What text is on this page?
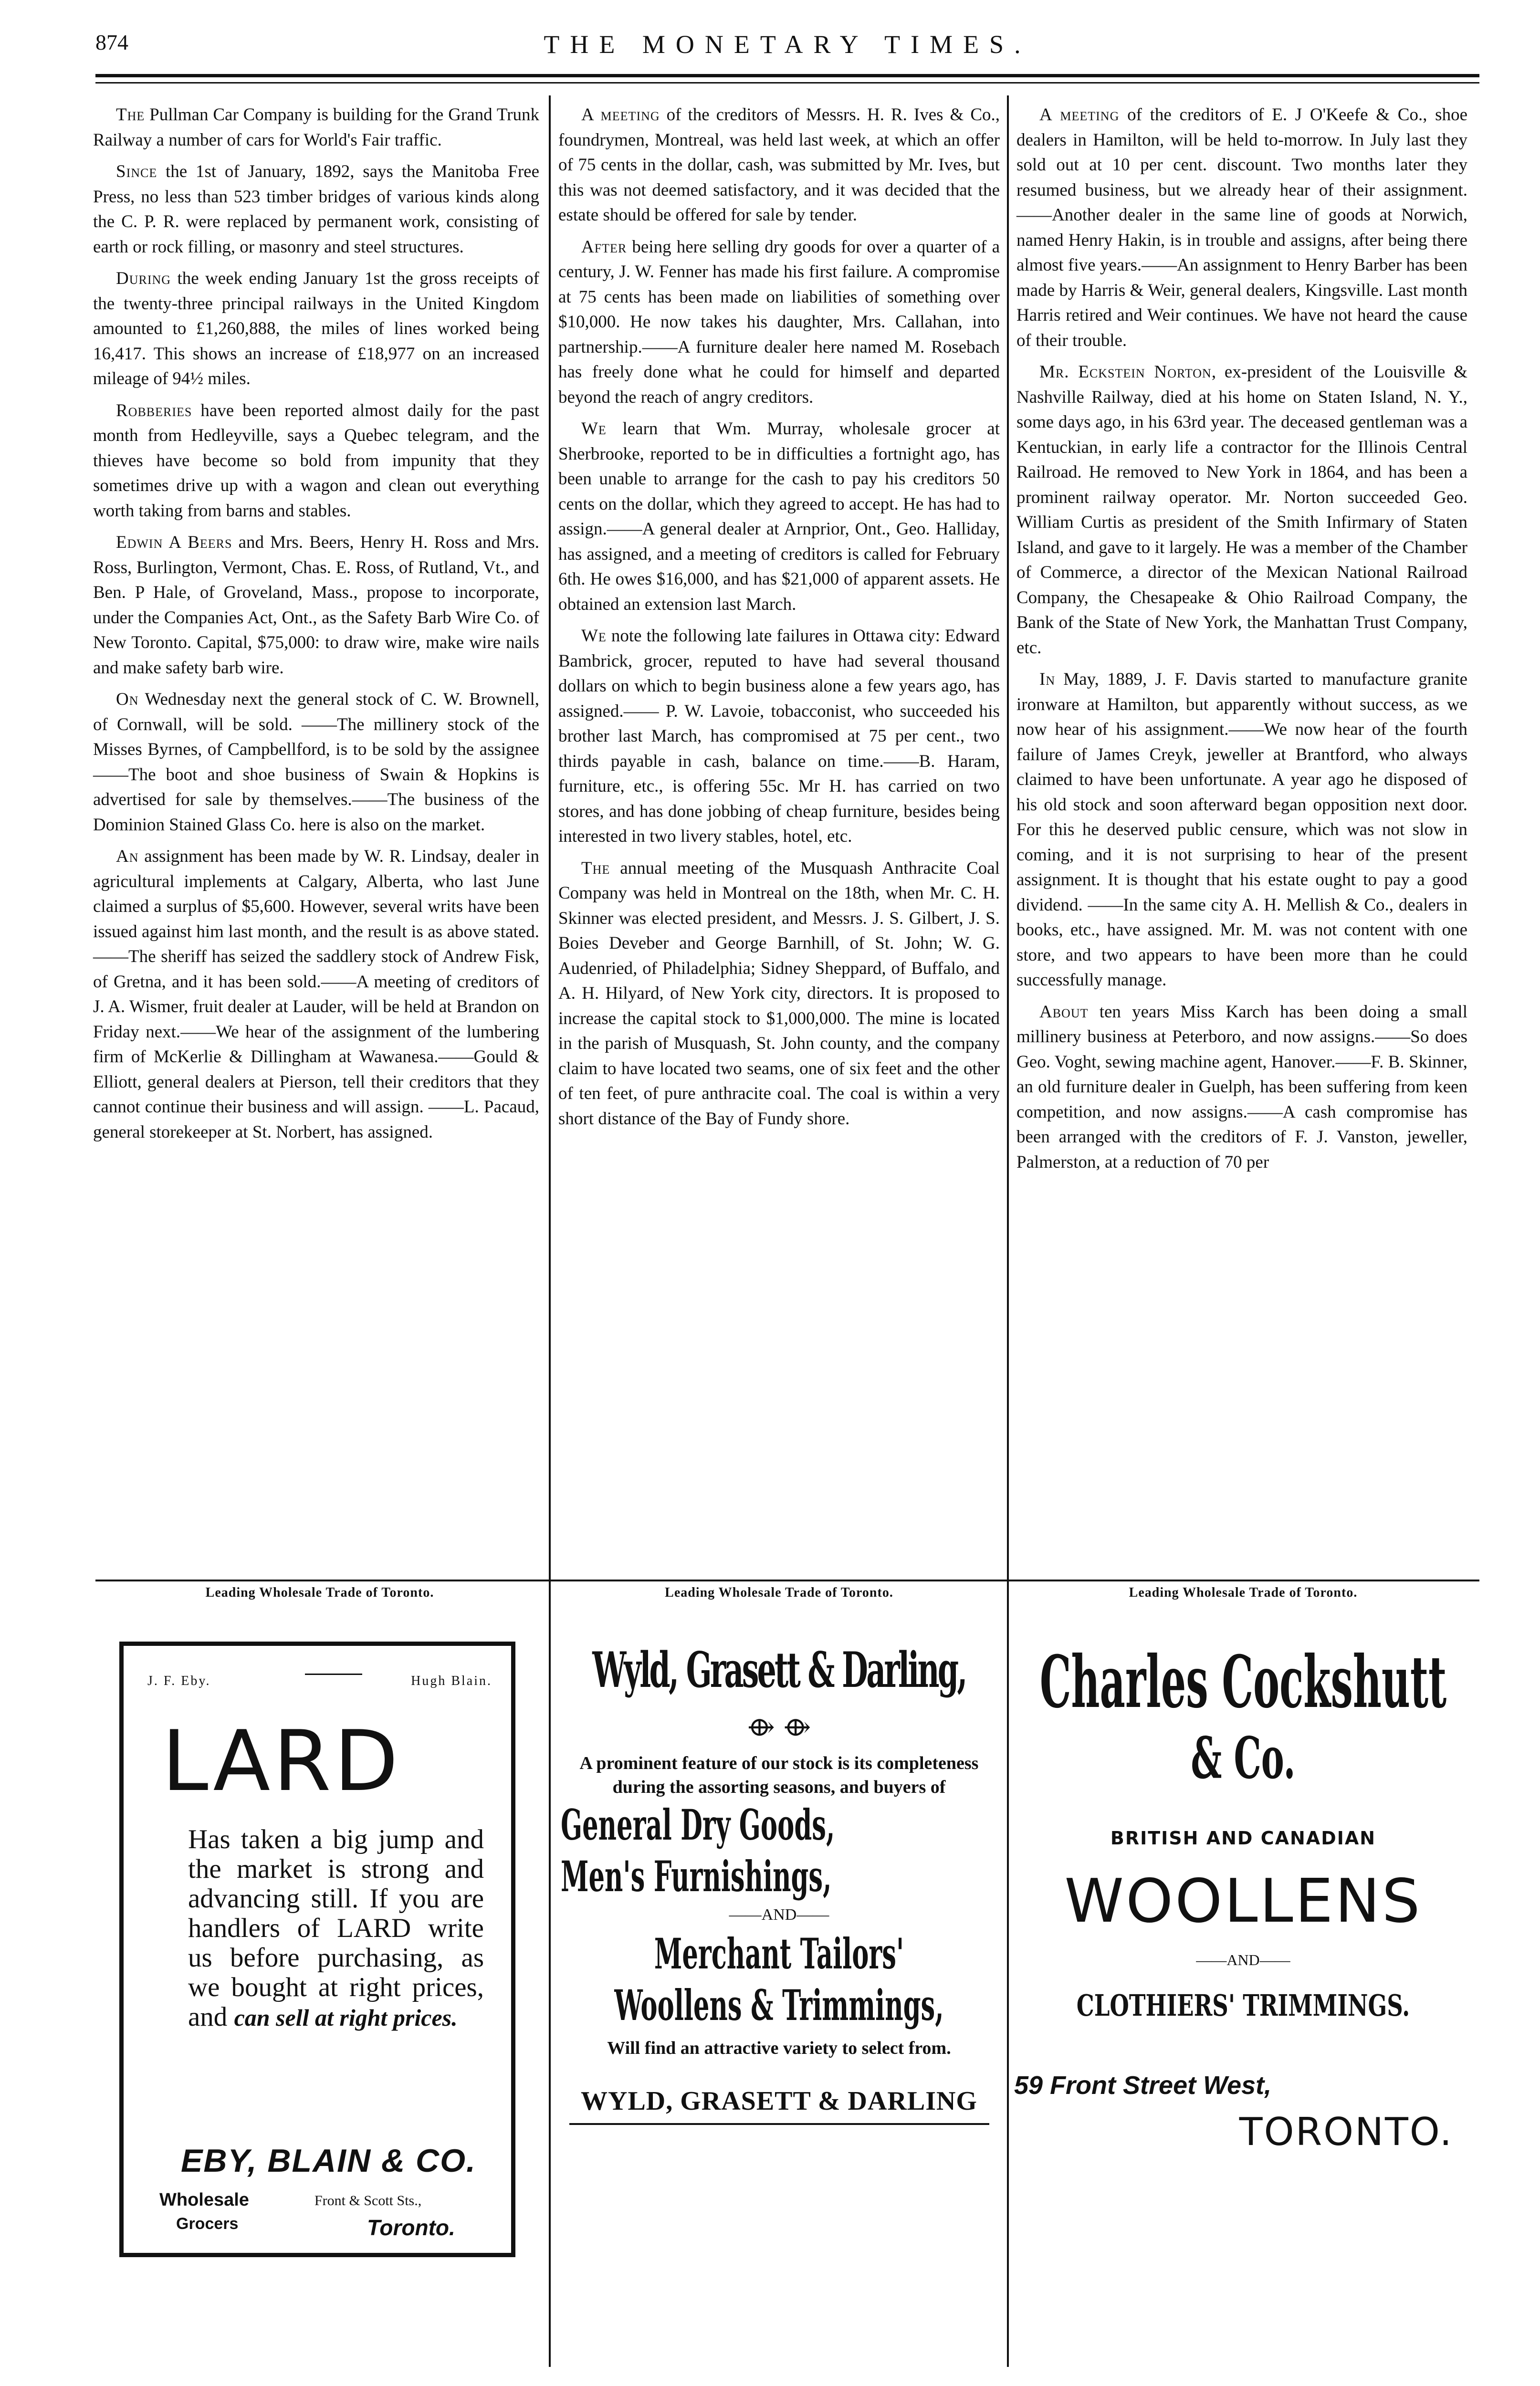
874	THE MONETARY TIMES.

The Pullman Car Company is building for the Grand Trunk Railway a number of cars for World's Fair traffic.

Since the 1st of January, 1892, says the Manitoba Free Press, no less than 523 timber bridges of various kinds along the C. P. R. were replaced by permanent work, consisting of earth or rock filling, or masonry and steel structures.

During the week ending January 1st the gross receipts of the twenty-three principal railways in the United Kingdom amounted to £1,260,888, the miles of lines worked being 16,417. This shows an increase of £18,977 on an increased mileage of 94½ miles.

Robberies have been reported almost daily for the past month from Hedleyville, says a Quebec telegram, and the thieves have become so bold from impunity that they sometimes drive up with a wagon and clean out everything worth taking from barns and stables.

Edwin A Beers and Mrs. Beers, Henry H. Ross and Mrs. Ross, Burlington, Vermont, Chas. E. Ross, of Rutland, Vt., and Ben. P Hale, of Groveland, Mass., propose to incorporate, under the Companies Act, Ont., as the Safety Barb Wire Co. of New Toronto. Capital, $75,000: to draw wire, make wire nails and make safety barb wire.

On Wednesday next the general stock of C. W. Brownell, of Cornwall, will be sold. ——The millinery stock of the Misses Byrnes, of Campbellford, is to be sold by the assignee——The boot and shoe business of Swain & Hopkins is advertised for sale by themselves.——The business of the Dominion Stained Glass Co. here is also on the market.

An assignment has been made by W. R. Lindsay, dealer in agricultural implements at Calgary, Alberta, who last June claimed a surplus of $5,600. However, several writs have been issued against him last month, and the result is as above stated.——The sheriff has seized the saddlery stock of Andrew Fisk, of Gretna, and it has been sold.——A meeting of creditors of J. A. Wismer, fruit dealer at Lauder, will be held at Brandon on Friday next.——We hear of the assignment of the lumbering firm of McKerlie & Dillingham at Wawanesa.——Gould & Elliott, general dealers at Pierson, tell their creditors that they cannot continue their business and will assign. ——L. Pacaud, general storekeeper at St. Norbert, has assigned.

A meeting of the creditors of Messrs. H. R. Ives & Co., foundrymen, Montreal, was held last week, at which an offer of 75 cents in the dollar, cash, was submitted by Mr. Ives, but this was not deemed satisfactory, and it was decided that the estate should be offered for sale by tender.

After being here selling dry goods for over a quarter of a century, J. W. Fenner has made his first failure. A compromise at 75 cents has been made on liabilities of something over $10,000. He now takes his daughter, Mrs. Callahan, into partnership.——A furniture dealer here named M. Rosebach has freely done what he could for himself and departed beyond the reach of angry creditors.

We learn that Wm. Murray, wholesale grocer at Sherbrooke, reported to be in difficulties a fortnight ago, has been unable to arrange for the cash to pay his creditors 50 cents on the dollar, which they agreed to accept. He has had to assign.——A general dealer at Arnprior, Ont., Geo. Halliday, has assigned, and a meeting of creditors is called for February 6th. He owes $16,000, and has $21,000 of apparent assets. He obtained an extension last March.

We note the following late failures in Ottawa city: Edward Bambrick, grocer, reputed to have had several thousand dollars on which to begin business alone a few years ago, has assigned.—— P. W. Lavoie, tobacconist, who succeeded his brother last March, has compromised at 75 per cent., two thirds payable in cash, balance on time.——B. Haram, furniture, etc., is offering 55c. Mr H. has carried on two stores, and has done jobbing of cheap furniture, besides being interested in two livery stables, hotel, etc.

The annual meeting of the Musquash Anthracite Coal Company was held in Montreal on the 18th, when Mr. C. H. Skinner was elected president, and Messrs. J. S. Gilbert, J. S. Boies Deveber and George Barnhill, of St. John; W. G. Audenried, of Philadelphia; Sidney Sheppard, of Buffalo, and A. H. Hilyard, of New York city, directors. It is proposed to increase the capital stock to $1,000,000. The mine is located in the parish of Musquash, St. John county, and the company claim to have located two seams, one of six feet and the other of ten feet, of pure anthracite coal. The coal is within a very short distance of the Bay of Fundy shore.

A meeting of the creditors of E. J O'Keefe & Co., shoe dealers in Hamilton, will be held to-morrow. In July last they sold out at 10 per cent. discount. Two months later they resumed business, but we already hear of their assignment.——Another dealer in the same line of goods at Norwich, named Henry Hakin, is in trouble and assigns, after being there almost five years.——An assignment to Henry Barber has been made by Harris & Weir, general dealers, Kingsville. Last month Harris retired and Weir continues. We have not heard the cause of their trouble.

Mr. Eckstein Norton, ex-president of the Louisville & Nashville Railway, died at his home on Staten Island, N. Y., some days ago, in his 63rd year. The deceased gentleman was a Kentuckian, in early life a contractor for the Illinois Central Railroad. He removed to New York in 1864, and has been a prominent railway operator. Mr. Norton succeeded Geo. William Curtis as president of the Smith Infirmary of Staten Island, and gave to it largely. He was a member of the Chamber of Commerce, a director of the Mexican National Railroad Company, the Chesapeake & Ohio Railroad Company, the Bank of the State of New York, the Manhattan Trust Company, etc.

In May, 1889, J. F. Davis started to manufacture granite ironware at Hamilton, but apparently without success, as we now hear of his assignment.——We now hear of the fourth failure of James Creyk, jeweller at Brantford, who always claimed to have been unfortunate. A year ago he disposed of his old stock and soon afterward began opposition next door. For this he deserved public censure, which was not slow in coming, and it is not surprising to hear of the present assignment. It is thought that his estate ought to pay a good dividend. ——In the same city A. H. Mellish & Co., dealers in books, etc., have assigned. Mr. M. was not content with one store, and two appears to have been more than he could successfully manage.

About ten years Miss Karch has been doing a small millinery business at Peterboro, and now assigns.——So does Geo. Voght, sewing machine agent, Hanover.——F. B. Skinner, an old furniture dealer in Guelph, has been suffering from keen competition, and now assigns.——A cash compromise has been arranged with the creditors of F. J. Vanston, jeweller, Palmerston, at a reduction of 70 per

Leading Wholesale Trade of Toronto.	Leading Wholesale Trade of Toronto.	Leading Wholesale Trade of Toronto.
J. F. Eby.	Hugh Blain.
LARD
Has taken a big jump and the market is strong and advancing still. If you are handlers of LARD write us before purchasing, as we bought at right prices, and can sell at right prices.
EBY, BLAIN & CO.
Wholesale	Front & Scott Sts.,
Grocers	Toronto.
Wyld, Grasett & Darling,
⟴ ⟴
A prominent feature of our stock is its completeness during the assorting seasons, and buyers of
General Dry Goods,
Men's Furnishings,
——AND——
Merchant Tailors'
Woollens & Trimmings,
Will find an attractive variety to select from.
WYLD, GRASETT & DARLING
Charles Cockshutt
& Co.
BRITISH AND CANADIAN
WOOLLENS
——AND——
CLOTHIERS' TRIMMINGS.
59 Front Street West,
TORONTO.
